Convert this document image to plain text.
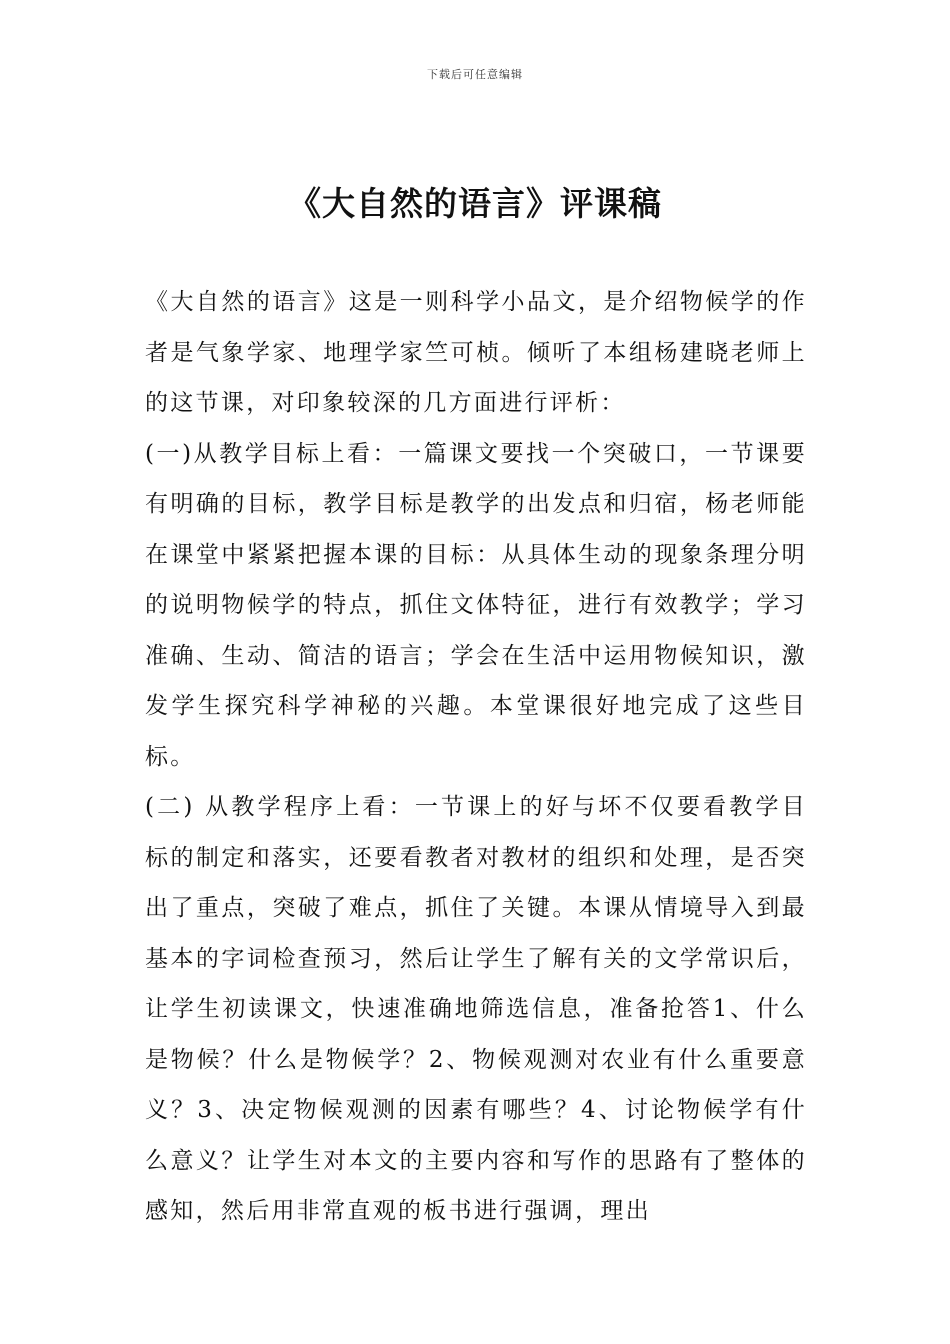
下载后可任意编辑
《大自然的语言》评课稿

《大自然的语言》这是一则科学小品文，是介绍物候学的作者是气象学家、地理学家竺可桢。倾听了本组杨建晓老师上的这节课，对印象较深的几方面进行评析：

(一)从教学目标上看：一篇课文要找一个突破口，一节课要有明确的目标，教学目标是教学的出发点和归宿，杨老师能在课堂中紧紧把握本课的目标：从具体生动的现象条理分明的说明物候学的特点，抓住文体特征，进行有效教学；学习准确、生动、简洁的语言；学会在生活中运用物候知识，激发学生探究科学神秘的兴趣。本堂课很好地完成了这些目标。

(二) 从教学程序上看：一节课上的好与坏不仅要看教学目标的制定和落实，还要看教者对教材的组织和处理，是否突出了重点，突破了难点，抓住了关键。本课从情境导入到最基本的字词检查预习，然后让学生了解有关的文学常识后，让学生初读课文，快速准确地筛选信息，准备抢答1、什么是物候？什么是物候学？2、物候观测对农业有什么重要意义？3、决定物候观测的因素有哪些？4、讨论物候学有什么意义？让学生对本文的主要内容和写作的思路有了整体的感知，然后用非常直观的板书进行强调，理出
